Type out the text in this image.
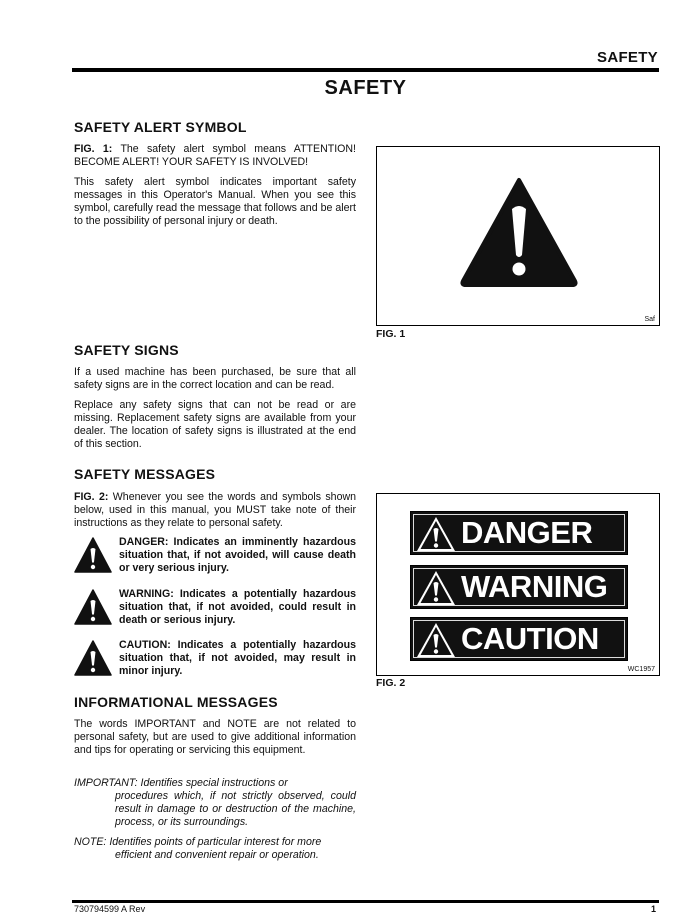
SAFETY
SAFETY
SAFETY ALERT SYMBOL

FIG. 1: The safety alert symbol means ATTENTION! BECOME ALERT! YOUR SAFETY IS INVOLVED!

This safety alert symbol indicates important safety messages in this Operator's Manual. When you see this symbol, carefully read the message that follows and be alert to the possibility of personal injury or death.

Saf
FIG. 1
SAFETY SIGNS

If a used machine has been purchased, be sure that all safety signs are in the correct location and can be read.

Replace any safety signs that can not be read or are missing. Replacement safety signs are available from your dealer. The location of safety signs is illustrated at the end of this section.

SAFETY MESSAGES

FIG. 2: Whenever you see the words and symbols shown below, used in this manual, you MUST take note of their instructions as they relate to personal safety.

DANGER: Indicates an imminently hazardous situation that, if not avoided, will cause death or very serious injury.
WARNING: Indicates a potentially hazardous situation that, if not avoided, could result in death or serious injury.
CAUTION: Indicates a potentially hazardous situation that, if not avoided, may result in minor injury.
DANGER
WARNING
CAUTION
WC1957
FIG. 2
INFORMATIONAL MESSAGES

The words IMPORTANT and NOTE are not related to personal safety, but are used to give additional information and tips for operating or servicing this equipment.

IMPORTANT: Identifies special instructions or
procedures which, if not strictly observed, could result in damage to or destruction of the machine, process, or its surroundings.

NOTE: Identifies points of particular interest for more
efficient and convenient repair or operation.

730794599 A Rev	1
